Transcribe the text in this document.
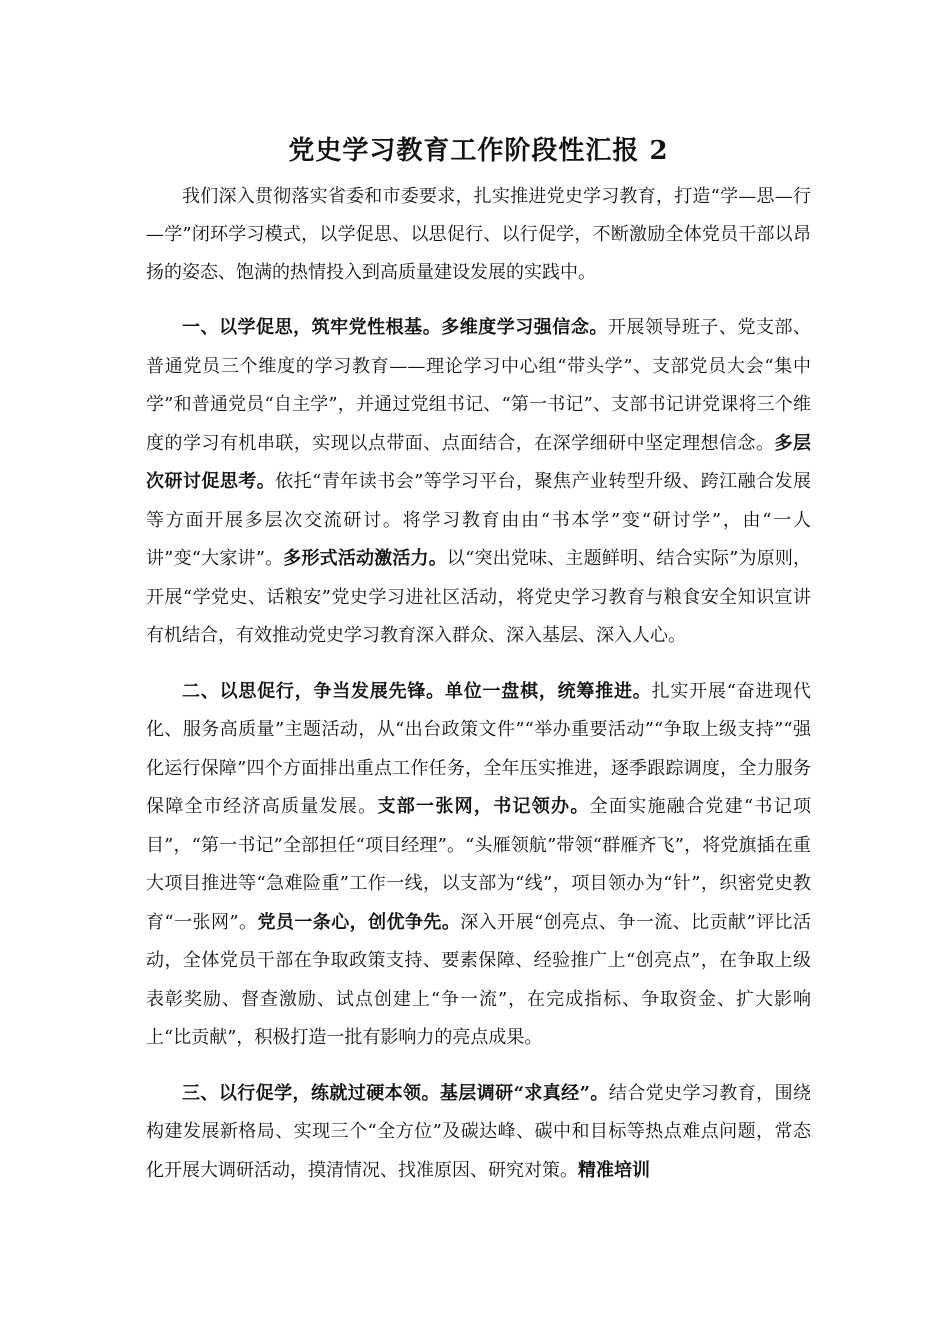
党史学习教育工作阶段性汇报 2

我们深入贯彻落实省委和市委要求，扎实推进党史学习教育，打造“学—思—行—学”闭环学习模式，以学促思、以思促行、以行促学，不断激励全体党员干部以昂扬的姿态、饱满的热情投入到高质量建设发展的实践中。

一、以学促思，筑牢党性根基。多维度学习强信念。开展领导班子、党支部、普通党员三个维度的学习教育——理论学习中心组“带头学”、支部党员大会“集中学”和普通党员“自主学”，并通过党组书记、“第一书记”、支部书记讲党课将三个维度的学习有机串联，实现以点带面、点面结合，在深学细研中坚定理想信念。多层次研讨促思考。依托“青年读书会”等学习平台，聚焦产业转型升级、跨江融合发展等方面开展多层次交流研讨。将学习教育由由“书本学”变“研讨学”，由“一人讲”变“大家讲”。多形式活动激活力。以“突出党味、主题鲜明、结合实际”为原则，开展“学党史、话粮安”党史学习进社区活动，将党史学习教育与粮食安全知识宣讲有机结合，有效推动党史学习教育深入群众、深入基层、深入人心。

二、以思促行，争当发展先锋。单位一盘棋，统筹推进。扎实开展“奋进现代化、服务高质量”主题活动，从“出台政策文件”“举办重要活动”“争取上级支持”“强化运行保障”四个方面排出重点工作任务，全年压实推进，逐季跟踪调度，全力服务保障全市经济高质量发展。支部一张网，书记领办。全面实施融合党建“书记项目”，“第一书记”全部担任“项目经理”。“头雁领航”带领“群雁齐飞”，将党旗插在重大项目推进等“急难险重”工作一线，以支部为“线”，项目领办为“针”，织密党史教育“一张网”。党员一条心，创优争先。深入开展“创亮点、争一流、比贡献”评比活动，全体党员干部在争取政策支持、要素保障、经验推广上“创亮点”，在争取上级表彰奖励、督查激励、试点创建上“争一流”，在完成指标、争取资金、扩大影响上“比贡献”，积极打造一批有影响力的亮点成果。

三、以行促学，练就过硬本领。基层调研“求真经”。结合党史学习教育，围绕构建发展新格局、实现三个“全方位”及碳达峰、碳中和目标等热点难点问题，常态化开展大调研活动，摸清情况、找准原因、研究对策。精准培训
